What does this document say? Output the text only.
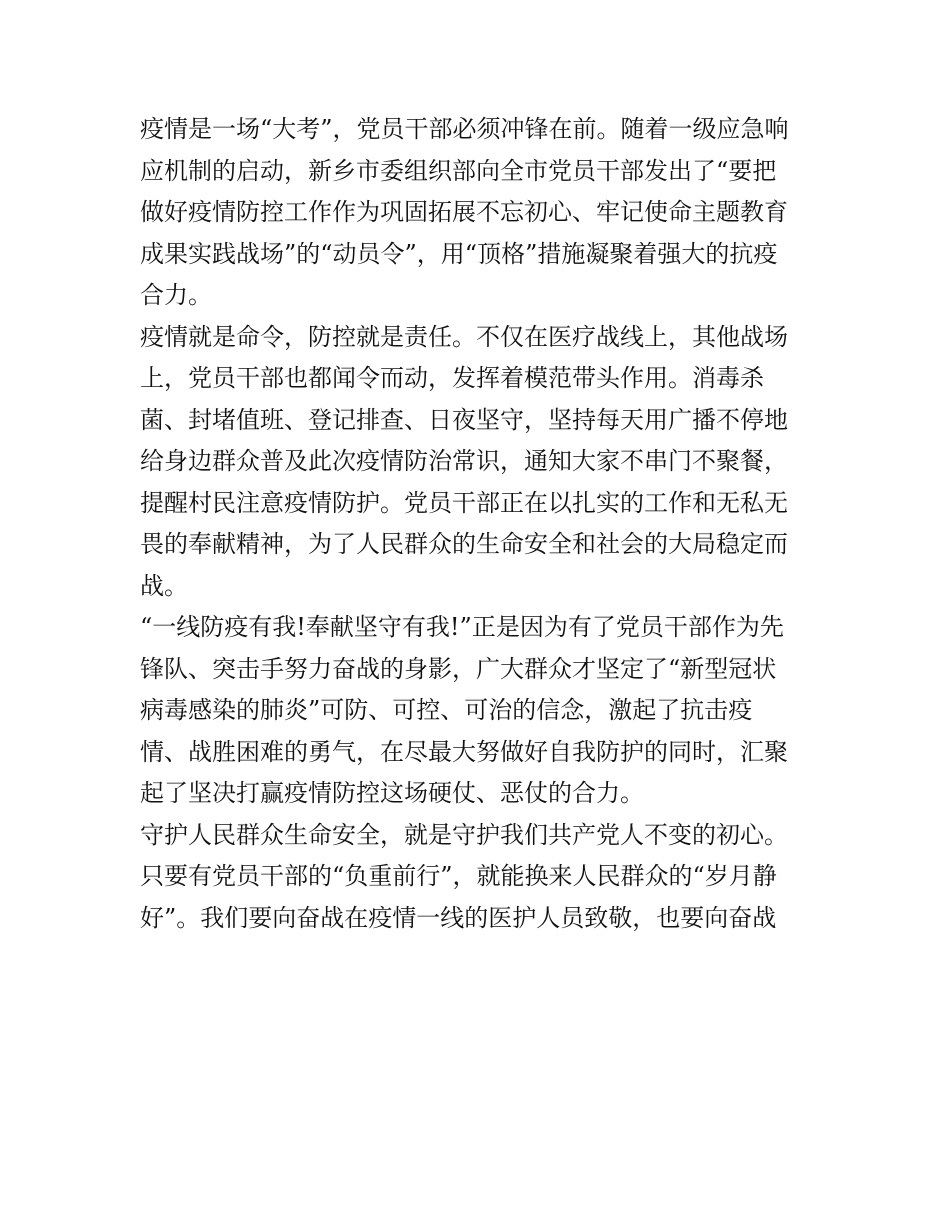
疫情是一场“大考”，党员干部必须冲锋在前。随着一级应急响
应机制的启动，新乡市委组织部向全市党员干部发出了“要把
做好疫情防控工作作为巩固拓展不忘初心、牢记使命主题教育
成果实践战场”的“动员令”，用“顶格”措施凝聚着强大的抗疫
合力。
疫情就是命令，防控就是责任。不仅在医疗战线上，其他战场
上，党员干部也都闻令而动，发挥着模范带头作用。消毒杀
菌、封堵值班、登记排查、日夜坚守，坚持每天用广播不停地
给身边群众普及此次疫情防治常识，通知大家不串门不聚餐，
提醒村民注意疫情防护。党员干部正在以扎实的工作和无私无
畏的奉献精神，为了人民群众的生命安全和社会的大局稳定而
战。
“一线防疫有我!奉献坚守有我!”正是因为有了党员干部作为先
锋队、突击手努力奋战的身影，广大群众才坚定了“新型冠状
病毒感染的肺炎”可防、可控、可治的信念，激起了抗击疫
情、战胜困难的勇气，在尽最大努做好自我防护的同时，汇聚
起了坚决打赢疫情防控这场硬仗、恶仗的合力。
守护人民群众生命安全，就是守护我们共产党人不变的初心。
只要有党员干部的“负重前行”，就能换来人民群众的“岁月静
好”。我们要向奋战在疫情一线的医护人员致敬，也要向奋战
